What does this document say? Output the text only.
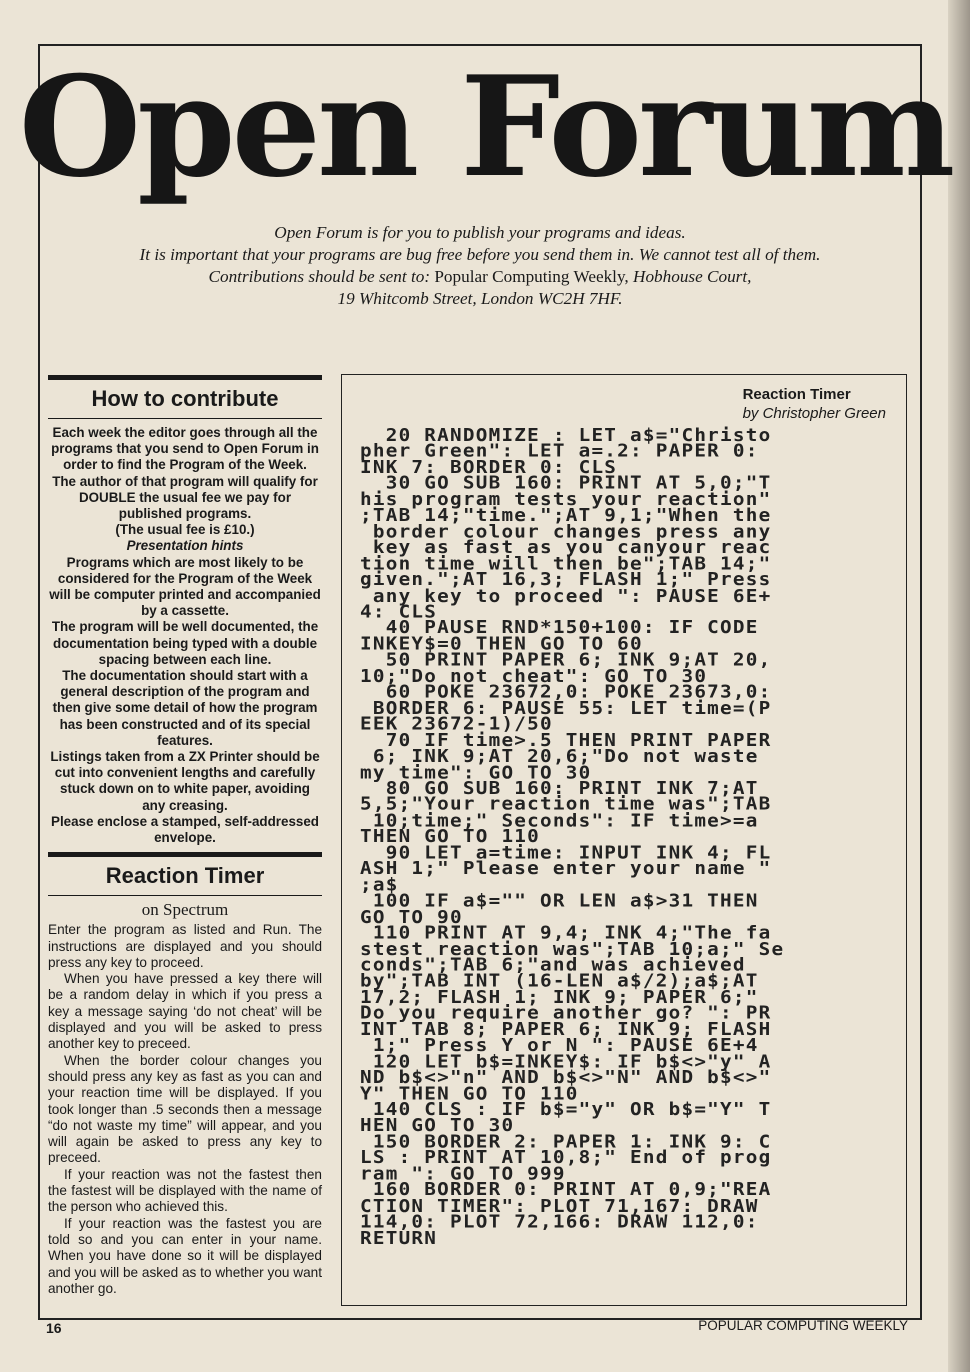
Open Forum
Open Forum is for you to publish your programs and ideas.
It is important that your programs are bug free before you send them in. We cannot test all of them.
Contributions should be sent to: Popular Computing Weekly, Hobhouse Court,
19 Whitcomb Street, London WC2H 7HF.
How to contribute
Each week the editor goes through all the programs that you send to Open Forum in order to find the Program of the Week.
The author of that program will qualify for DOUBLE the usual fee we pay for published programs.
(The usual fee is £10.)
Presentation hints
Programs which are most likely to be considered for the Program of the Week will be computer printed and accompanied by a cassette.
The program will be well documented, the documentation being typed with a double spacing between each line.
The documentation should start with a general description of the program and then give some detail of how the program has been constructed and of its special features.
Listings taken from a ZX Printer should be cut into convenient lengths and carefully stuck down on to white paper, avoiding any creasing.
Please enclose a stamped, self-addressed envelope.
Reaction Timer
on Spectrum

Enter the program as listed and Run. The instructions are displayed and you should press any key to proceed.

When you have pressed a key there will be a random delay in which if you press a key a message saying ‘do not cheat’ will be displayed and you will be asked to press another key to preceed.

When the border colour changes you should press any key as fast as you can and your reaction time will be displayed. If you took longer than .5 seconds then a message “do not waste my time” will appear, and you will again be asked to press any key to preceed.

If your reaction was not the fastest then the fastest will be displayed with the name of the person who achieved this.

If your reaction was the fastest you are told so and you can enter in your name. When you have done so it will be displayed and you will be asked as to whether you want another go.

Reaction Timer
by Christopher Green
20 RANDOMIZE : LET a$="Christo
pher Green": LET a=.2: PAPER 0:
INK 7: BORDER 0: CLS
30 GO SUB 160: PRINT AT 5,0;"T
his program tests your reaction"
;TAB 14;"time.";AT 9,1;"When the
border colour changes press any
key as fast as you canyour reac
tion time will then be";TAB 14;"
given.";AT 16,3; FLASH 1;" Press
any key to proceed ": PAUSE 6E+
4: CLS
40 PAUSE RND*150+100: IF CODE
INKEY$=0 THEN GO TO 60
50 PRINT PAPER 6; INK 9;AT 20,
10;"Do not cheat": GO TO 30
60 POKE 23672,0: POKE 23673,0:
BORDER 6: PAUSE 55: LET time=(P
EEK 23672-1)/50
70 IF time>.5 THEN PRINT PAPER
6; INK 9;AT 20,6;"Do not waste
my time": GO TO 30
80 GO SUB 160: PRINT INK 7;AT
5,5;"Your reaction time was";TAB
10;time;" Seconds": IF time>=a
THEN GO TO 110
90 LET a=time: INPUT INK 4; FL
ASH 1;" Please enter your name "
;a$
100 IF a$="" OR LEN a$>31 THEN
GO TO 90
110 PRINT AT 9,4; INK 4;"The fa
stest reaction was";TAB 10;a;" Se
conds";TAB 6;"and was achieved
by";TAB INT (16-LEN a$/2);a$;AT
17,2; FLASH 1; INK 9; PAPER 6;"
Do you require another go? ": PR
INT TAB 8; PAPER 6; INK 9; FLASH
1;" Press Y or N ": PAUSE 6E+4
120 LET b$=INKEY$: IF b$<>"y" A
ND b$<>"n" AND b$<>"N" AND b$<>"
Y" THEN GO TO 110
140 CLS : IF b$="y" OR b$="Y" T
HEN GO TO 30
150 BORDER 2: PAPER 1: INK 9: C
LS : PRINT AT 10,8;" End of prog
ram ": GO TO 999
160 BORDER 0: PRINT AT 0,9;"REA
CTION TIMER": PLOT 71,167: DRAW
114,0: PLOT 72,166: DRAW 112,0:
RETURN
16	POPULAR COMPUTING WEEKLY
